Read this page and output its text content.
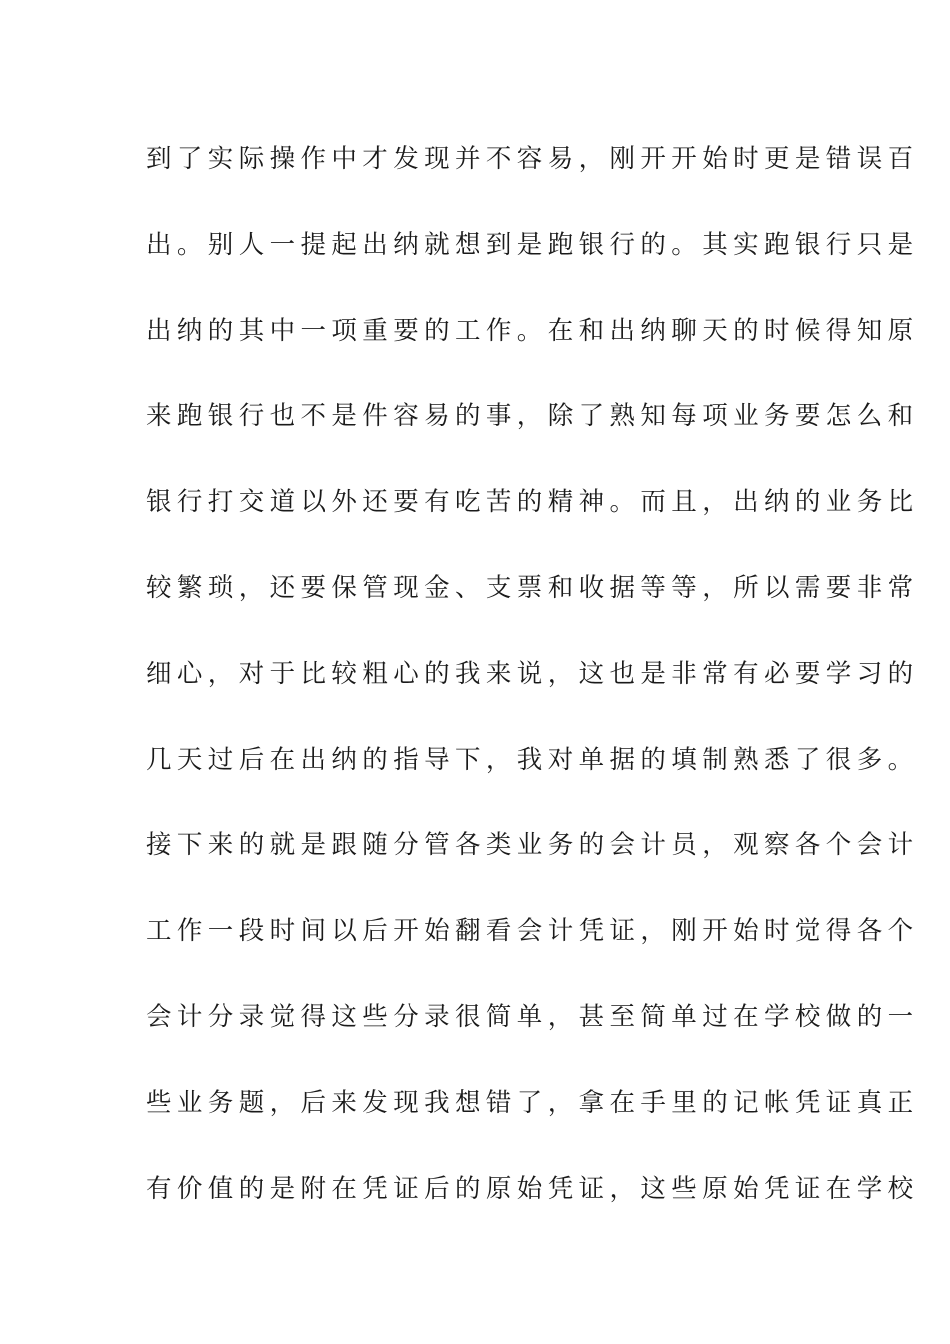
到了实际操作中才发现并不容易，刚开开始时更是错误百
出。别人一提起出纳就想到是跑银行的。其实跑银行只是
出纳的其中一项重要的工作。在和出纳聊天的时候得知原
来跑银行也不是件容易的事，除了熟知每项业务要怎么和
银行打交道以外还要有吃苦的精神。而且，出纳的业务比
较繁琐，还要保管现金、支票和收据等等，所以需要非常
细心，对于比较粗心的我来说，这也是非常有必要学习的
几天过后在出纳的指导下，我对单据的填制熟悉了很多。
接下来的就是跟随分管各类业务的会计员，观察各个会计
工作一段时间以后开始翻看会计凭证，刚开始时觉得各个
会计分录觉得这些分录很简单，甚至简单过在学校做的一
些业务题，后来发现我想错了，拿在手里的记帐凭证真正
有价值的是附在凭证后的原始凭证，这些原始凭证在学校
